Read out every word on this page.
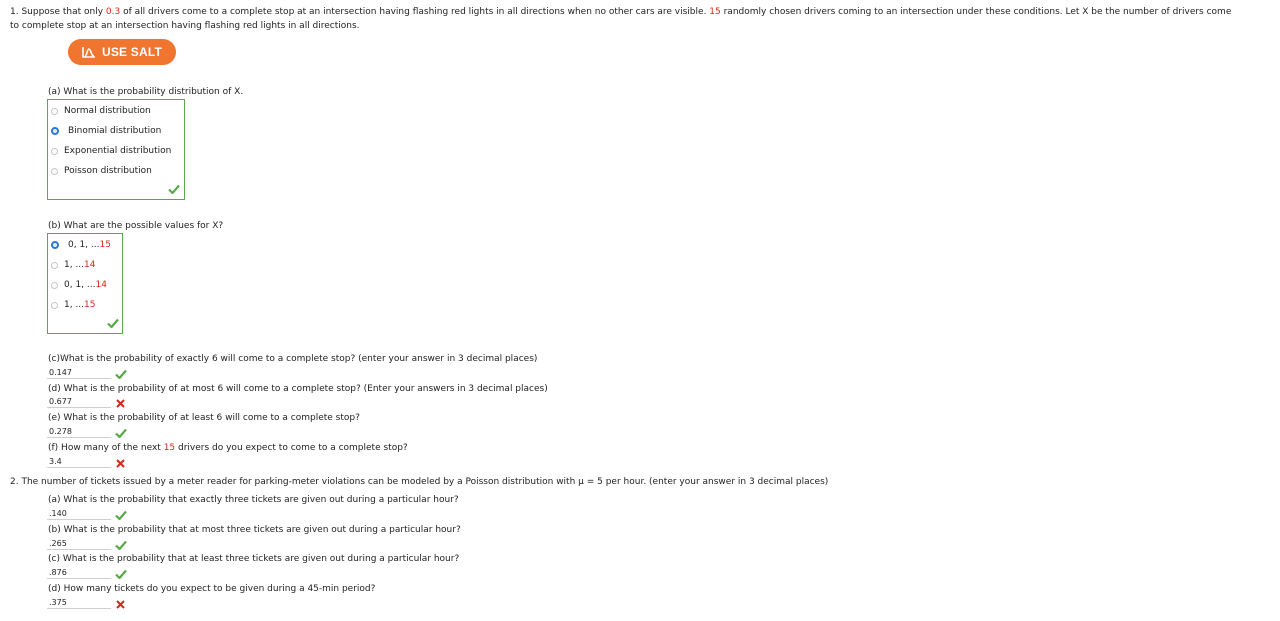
1. Suppose that only 0.3 of all drivers come to a complete stop at an intersection having flashing red lights in all directions when no other cars are visible. 15 randomly chosen drivers coming to an intersection under these conditions. Let X be the number of drivers come
to complete stop at an intersection having flashing red lights in all directions.
USE SALT
(a) What is the probability distribution of X.
Normal distribution
Binomial distribution
Exponential distribution
Poisson distribution
(b) What are the possible values for X?
0, 1, ... 15
1, ... 14
0, 1, ... 14
1, ... 15
(c)What is the probability of exactly 6 will come to a complete stop? (enter your answer in 3 decimal places)
0.147
(d) What is the probability of at most 6 will come to a complete stop? (Enter your answers in 3 decimal places)
0.677
(e) What is the probability of at least 6 will come to a complete stop?
0.278
(f) How many of the next 15 drivers do you expect to come to a complete stop?
3.4
2. The number of tickets issued by a meter reader for parking-meter violations can be modeled by a Poisson distribution with μ = 5 per hour. (enter your answer in 3 decimal places)
(a) What is the probability that exactly three tickets are given out during a particular hour?
.140
(b) What is the probability that at most three tickets are given out during a particular hour?
.265
(c) What is the probability that at least three tickets are given out during a particular hour?
.876
(d) How many tickets do you expect to be given during a 45-min period?
.375
